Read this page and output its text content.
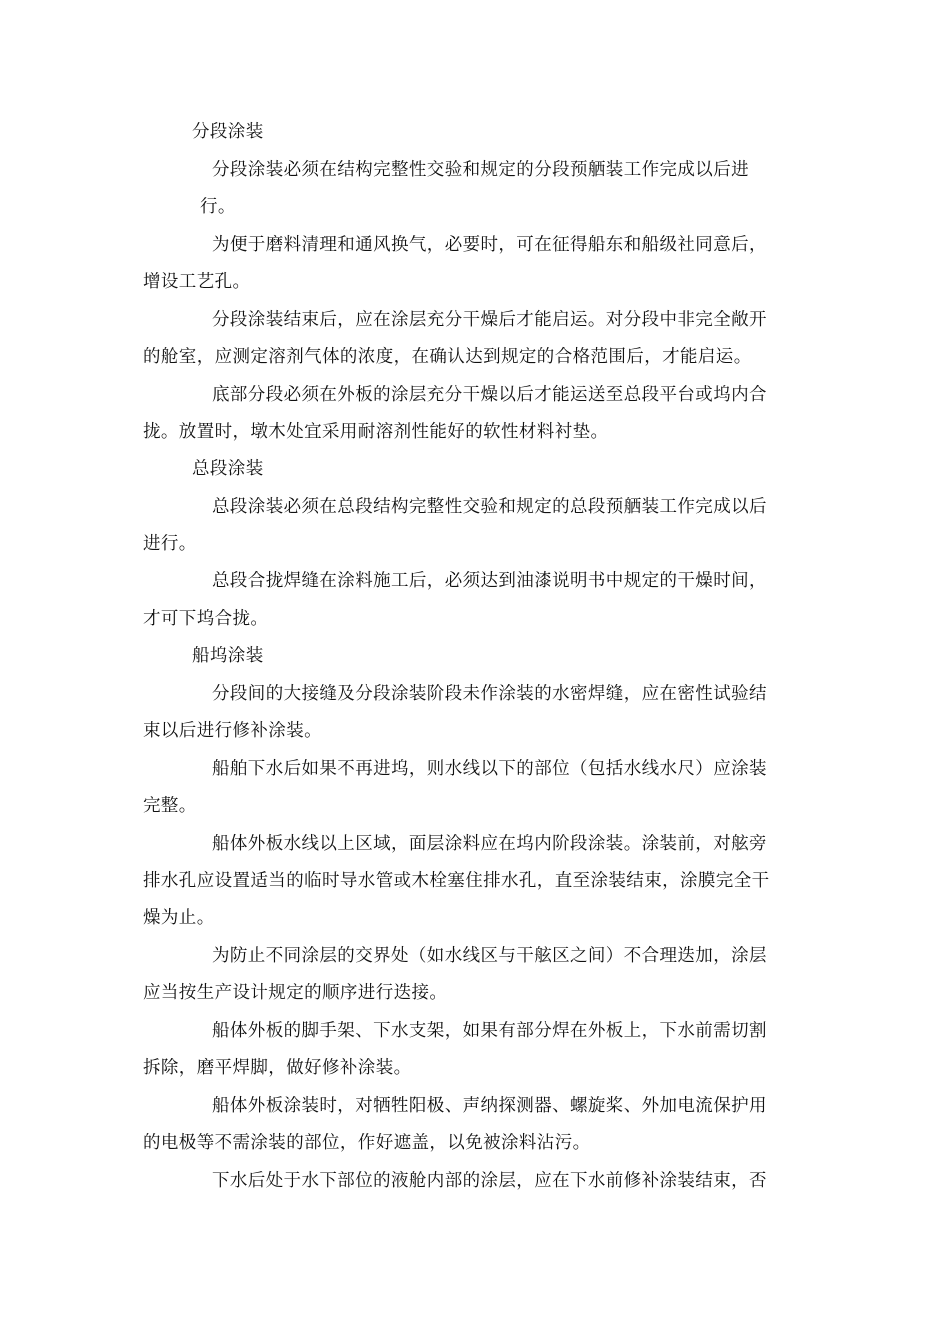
分段涂装
分段涂装必须在结构完整性交验和规定的分段预舾装工作完成以后进
行。
为便于磨料清理和通风换气，必要时，可在征得船东和船级社同意后，
增设工艺孔。
分段涂装结束后，应在涂层充分干燥后才能启运。对分段中非完全敞开
的舱室，应测定溶剂气体的浓度，在确认达到规定的合格范围后，才能启运。
底部分段必须在外板的涂层充分干燥以后才能运送至总段平台或坞内合
拢。放置时，墩木处宜采用耐溶剂性能好的软性材料衬垫。
总段涂装
总段涂装必须在总段结构完整性交验和规定的总段预舾装工作完成以后
进行。
总段合拢焊缝在涂料施工后，必须达到油漆说明书中规定的干燥时间，
才可下坞合拢。
船坞涂装
分段间的大接缝及分段涂装阶段未作涂装的水密焊缝，应在密性试验结
束以后进行修补涂装。
船舶下水后如果不再进坞，则水线以下的部位（包括水线水尺）应涂装
完整。
船体外板水线以上区域，面层涂料应在坞内阶段涂装。涂装前，对舷旁
排水孔应设置适当的临时导水管或木栓塞住排水孔，直至涂装结束，涂膜完全干
燥为止。
为防止不同涂层的交界处（如水线区与干舷区之间）不合理迭加，涂层
应当按生产设计规定的顺序进行迭接。
船体外板的脚手架、下水支架，如果有部分焊在外板上，下水前需切割
拆除，磨平焊脚，做好修补涂装。
船体外板涂装时，对牺牲阳极、声纳探测器、螺旋桨、外加电流保护用
的电极等不需涂装的部位，作好遮盖，以免被涂料沾污。
下水后处于水下部位的液舱内部的涂层，应在下水前修补涂装结束，否
